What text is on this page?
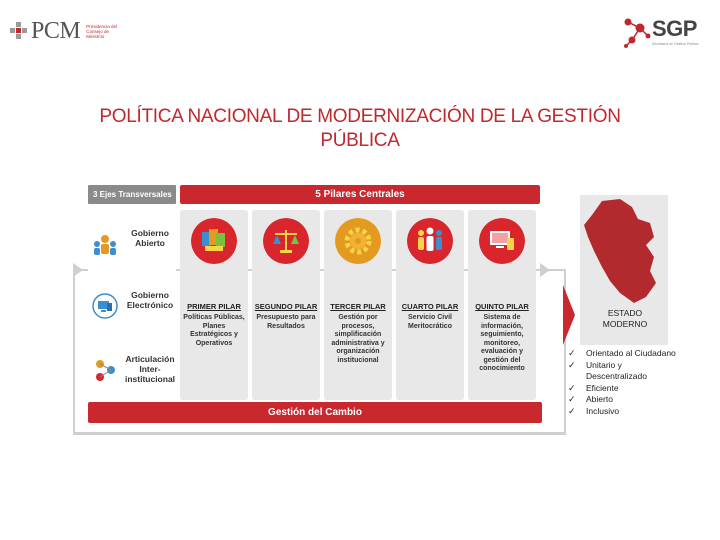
PCM Presidencia del Consejo de Ministros	SGP
Secretaría de Gestión Pública
POLÍTICA NACIONAL DE MODERNIZACIÓN DE LA GESTIÓN PÚBLICA
3 Ejes Transversales	5 Pilares Centrales
Gobierno Abierto
Gobierno Electrónico
Articulación Inter-institucional
PRIMER PILAR
Políticas Públicas, Planes Estratégicos y Operativos
SEGUNDO PILAR
Presupuesto para Resultados
TERCER PILAR
Gestión por procesos, simplificación administrativa y organización institucional
CUARTO PILAR
Servicio Civil Meritocrático
QUINTO PILAR
Sistema de información, seguimiento, monitoreo, evaluación y gestión del conocimiento
Gestión del Cambio
ESTADO MODERNO
✓ Orientado al Ciudadano
✓ Unitario y Descentralizado
✓ Eficiente
✓ Abierto
✓ Inclusivo
